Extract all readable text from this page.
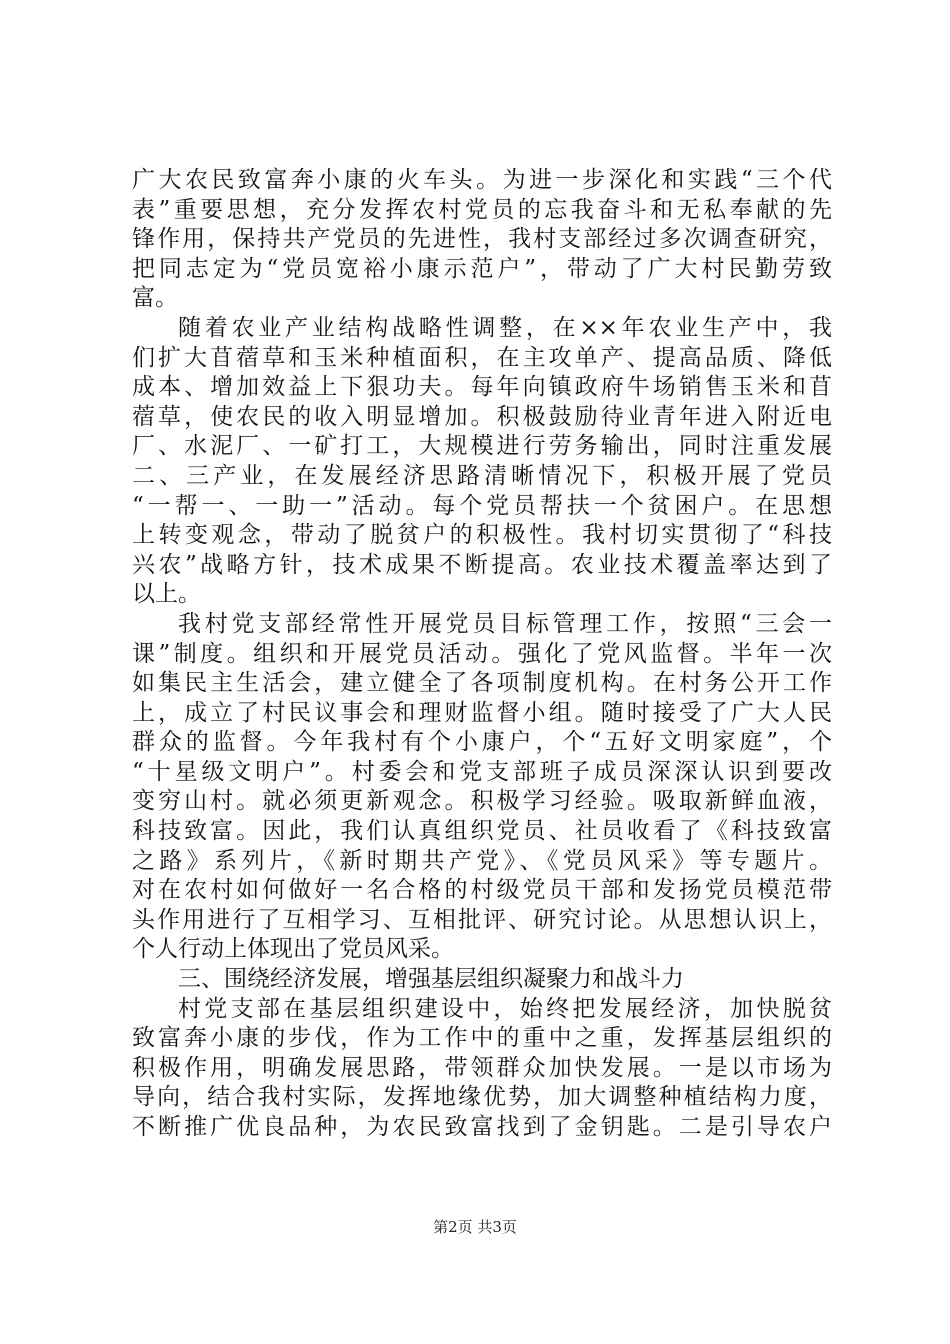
广大农民致富奔小康的火车头。为进一步深化和实践“三个代
表”重要思想，充分发挥农村党员的忘我奋斗和无私奉献的先
锋作用，保持共产党员的先进性，我村支部经过多次调查研究，
把同志定为“党员宽裕小康示范户”，带动了广大村民勤劳致
富。
随着农业产业结构战略性调整，在××年农业生产中，我
们扩大苜蓿草和玉米种植面积，在主攻单产、提高品质、降低
成本、增加效益上下狠功夫。每年向镇政府牛场销售玉米和苜
蓿草，使农民的收入明显增加。积极鼓励待业青年进入附近电
厂、水泥厂、一矿打工，大规模进行劳务输出，同时注重发展
二、三产业，在发展经济思路清晰情况下，积极开展了党员
“一帮一、一助一”活动。每个党员帮扶一个贫困户。在思想
上转变观念，带动了脱贫户的积极性。我村切实贯彻了“科技
兴农”战略方针，技术成果不断提高。农业技术覆盖率达到了
以上。
我村党支部经常性开展党员目标管理工作，按照“三会一
课”制度。组织和开展党员活动。强化了党风监督。半年一次
如集民主生活会，建立健全了各项制度机构。在村务公开工作
上，成立了村民议事会和理财监督小组。随时接受了广大人民
群众的监督。今年我村有个小康户，个“五好文明家庭”，个
“十星级文明户”。村委会和党支部班子成员深深认识到要改
变穷山村。就必须更新观念。积极学习经验。吸取新鲜血液，
科技致富。因此，我们认真组织党员、社员收看了《科技致富
之路》系列片，《新时期共产党》、《党员风采》等专题片。
对在农村如何做好一名合格的村级党员干部和发扬党员模范带
头作用进行了互相学习、互相批评、研究讨论。从思想认识上，
个人行动上体现出了党员风采。
三、围绕经济发展，增强基层组织凝聚力和战斗力
村党支部在基层组织建设中，始终把发展经济，加快脱贫
致富奔小康的步伐，作为工作中的重中之重，发挥基层组织的
积极作用，明确发展思路，带领群众加快发展。一是以市场为
导向，结合我村实际，发挥地缘优势，加大调整种植结构力度，
不断推广优良品种，为农民致富找到了金钥匙。二是引导农户
第2页 共3页
